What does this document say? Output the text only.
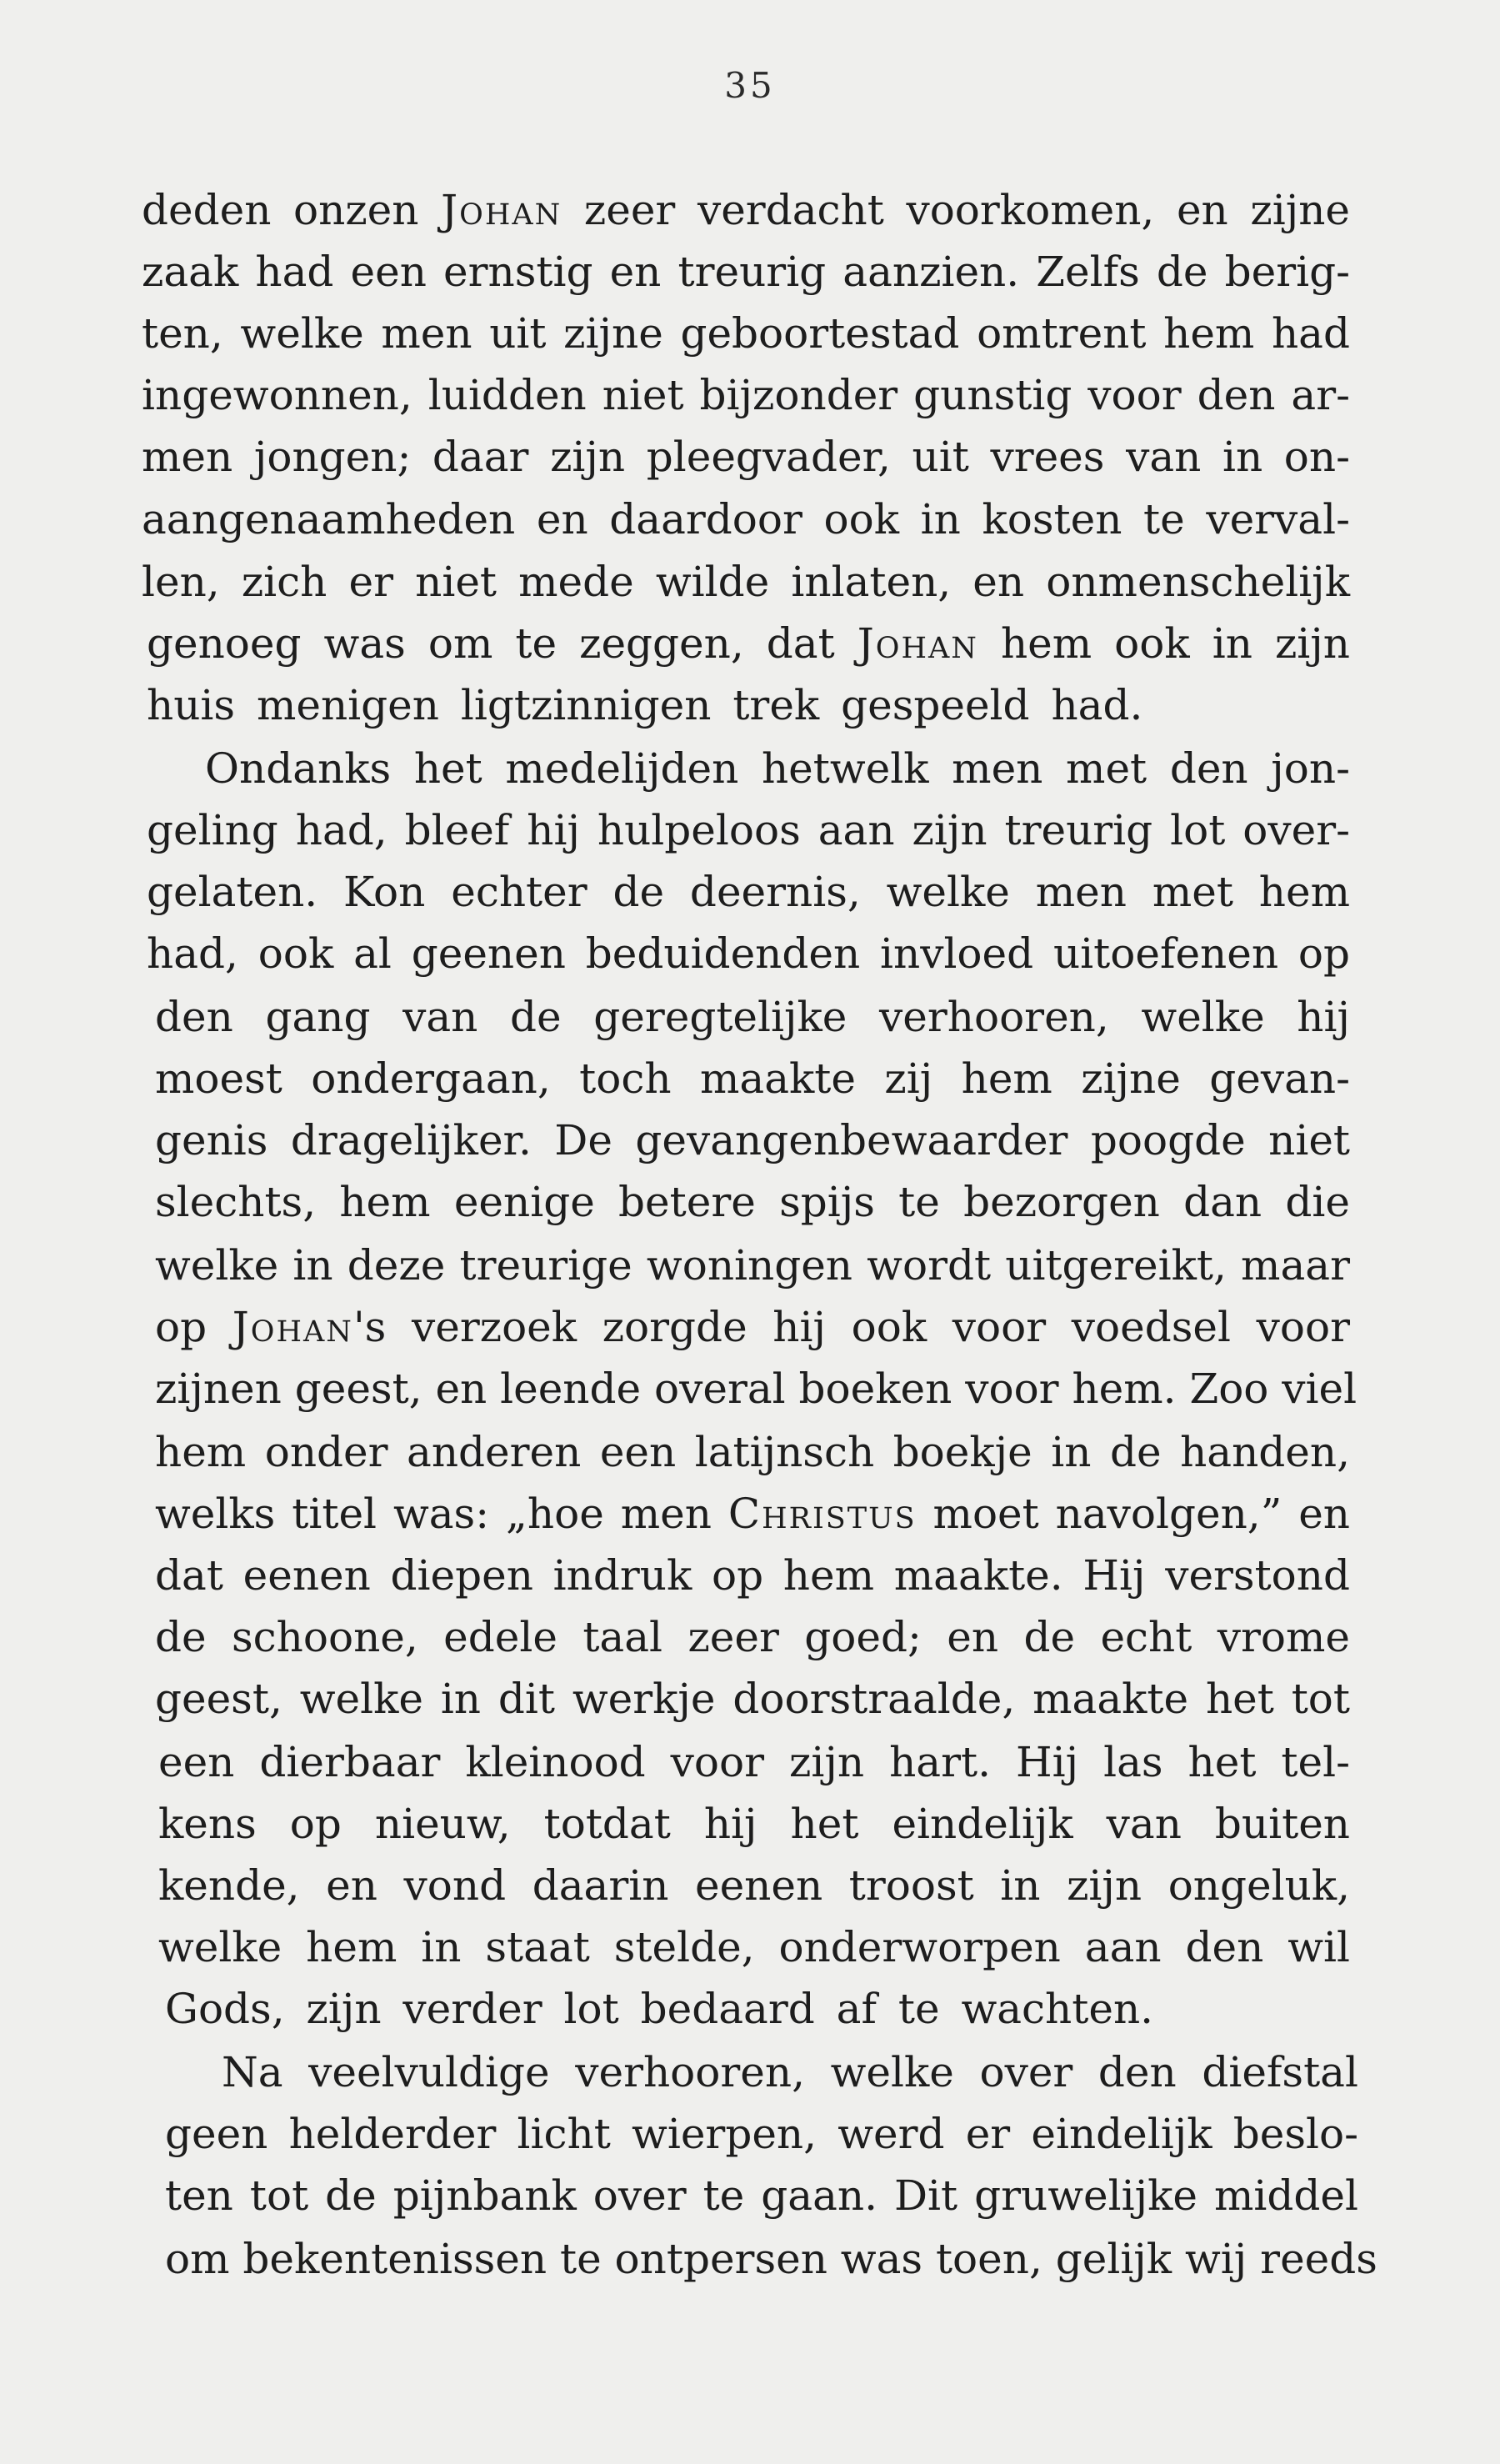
35
deden onzen Johan zeer verdacht voorkomen, en zijne
zaak had een ernstig en treurig aanzien. Zelfs de berig-
ten, welke men uit zijne geboortestad omtrent hem had
ingewonnen, luidden niet bijzonder gunstig voor den ar-
men jongen; daar zijn pleegvader, uit vrees van in on-
aangenaamheden en daardoor ook in kosten te verval-
len, zich er niet mede wilde inlaten, en onmenschelijk
genoeg was om te zeggen, dat Johan hem ook in zijn
huis menigen ligtzinnigen trek gespeeld had.
Ondanks het medelijden hetwelk men met den jon-
geling had, bleef hij hulpeloos aan zijn treurig lot over-
gelaten. Kon echter de deernis, welke men met hem
had, ook al geenen beduidenden invloed uitoefenen op
den gang van de geregtelijke verhooren, welke hij
moest ondergaan, toch maakte zij hem zijne gevan-
genis dragelijker. De gevangenbewaarder poogde niet
slechts, hem eenige betere spijs te bezorgen dan die
welke in deze treurige woningen wordt uitgereikt, maar
op Johan's verzoek zorgde hij ook voor voedsel voor
zijnen geest, en leende overal boeken voor hem. Zoo viel
hem onder anderen een latijnsch boekje in de handen,
welks titel was: „hoe men Christus moet navolgen,” en
dat eenen diepen indruk op hem maakte. Hij verstond
de schoone, edele taal zeer goed; en de echt vrome
geest, welke in dit werkje doorstraalde, maakte het tot
een dierbaar kleinood voor zijn hart. Hij las het tel-
kens op nieuw, totdat hij het eindelijk van buiten
kende, en vond daarin eenen troost in zijn ongeluk,
welke hem in staat stelde, onderworpen aan den wil
Gods, zijn verder lot bedaard af te wachten.
Na veelvuldige verhooren, welke over den diefstal
geen helderder licht wierpen, werd er eindelijk beslo-
ten tot de pijnbank over te gaan. Dit gruwelijke middel
om bekentenissen te ontpersen was toen, gelijk wij reeds
